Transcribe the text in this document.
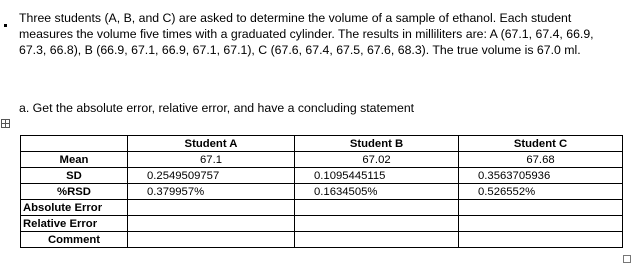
Three students (A, B, and C) are asked to determine the volume of a sample of ethanol. Each student measures the volume five times with a graduated cylinder. The results in milliliters are: A (67.1, 67.4, 66.9, 67.3, 66.8), B (66.9, 67.1, 66.9, 67.1, 67.1), C (67.6, 67.4, 67.5, 67.6, 68.3). The true volume is 67.0 ml.

a. Get the absolute error, relative error, and have a concluding statement

	Student A	Student B	Student C
Mean	67.1	67.02	67.68
SD	0.2549509757	0.1095445115	0.3563705936
%RSD	0.379957%	0.1634505%	0.526552%
Absolute Error			
Relative Error			
Comment			
